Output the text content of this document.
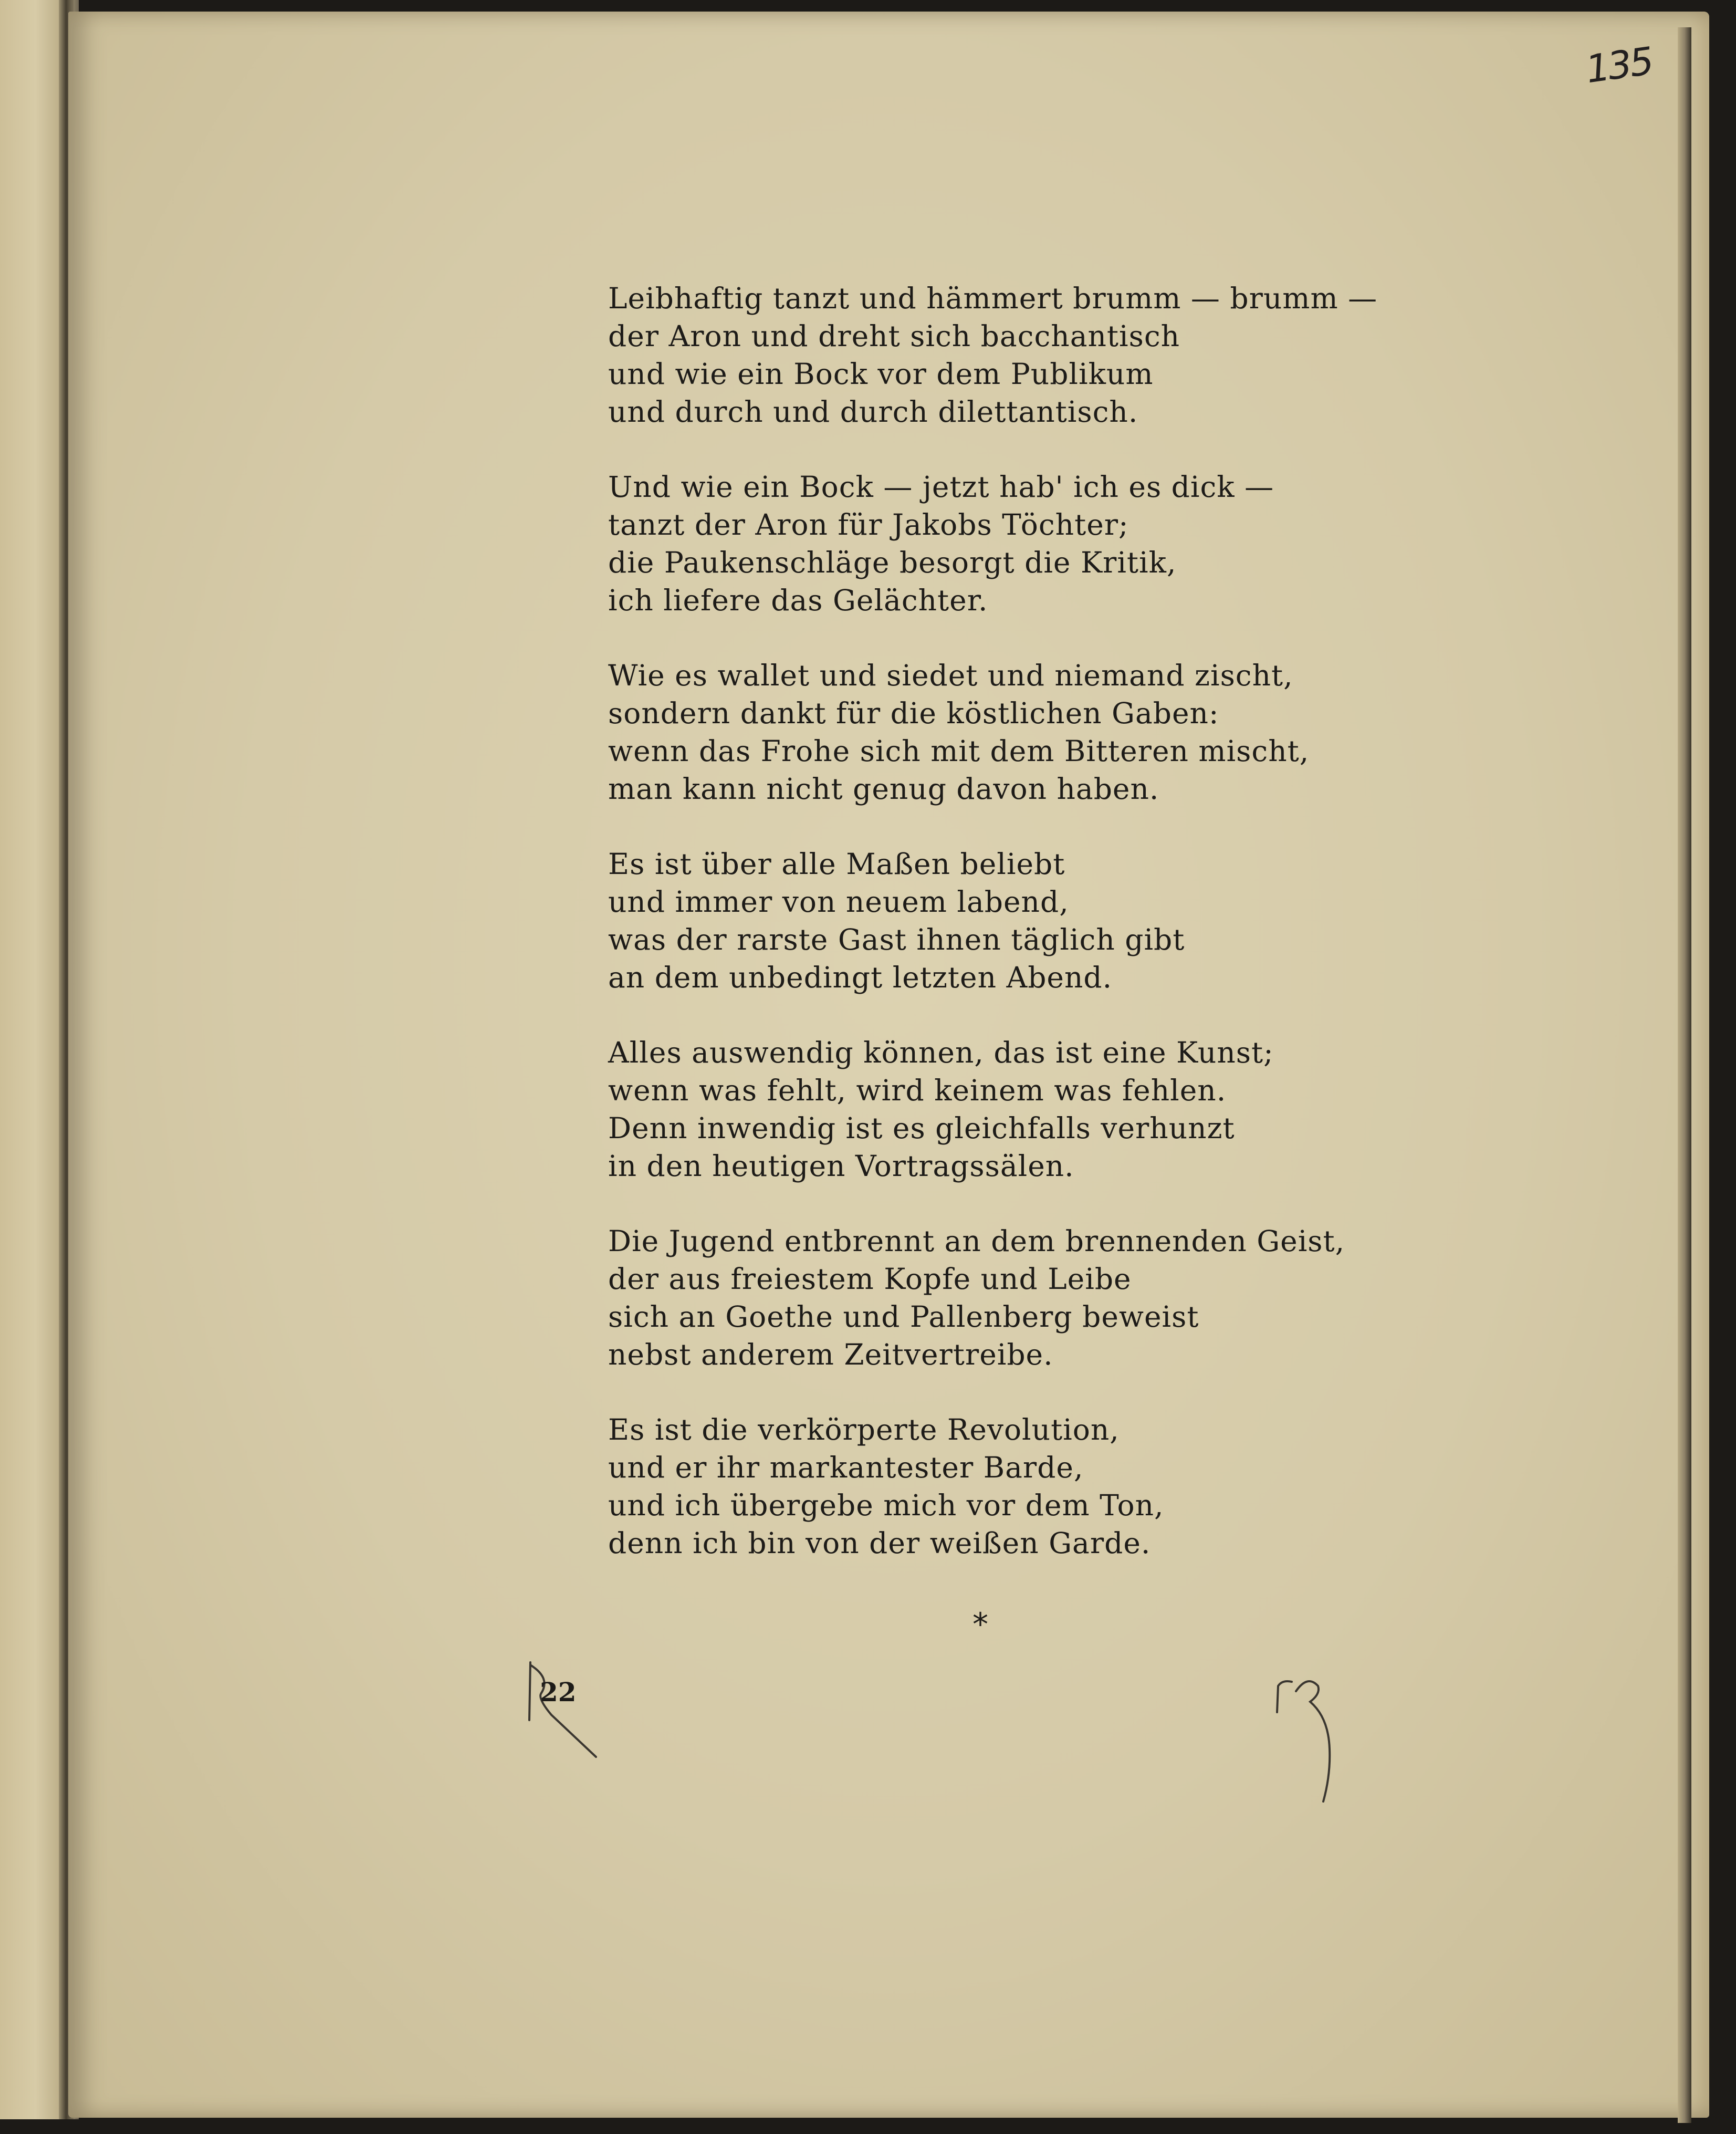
135
Leibhaftig tanzt und hämmert brumm — brumm —
der Aron und dreht sich bacchantisch
und wie ein Bock vor dem Publikum
und durch und durch dilettantisch.
Und wie ein Bock — jetzt hab' ich es dick —
tanzt der Aron für Jakobs Töchter;
die Paukenschläge besorgt die Kritik,
ich liefere das Gelächter.
Wie es wallet und siedet und niemand zischt,
sondern dankt für die köstlichen Gaben:
wenn das Frohe sich mit dem Bitteren mischt,
man kann nicht genug davon haben.
Es ist über alle Maßen beliebt
und immer von neuem labend,
was der rarste Gast ihnen täglich gibt
an dem unbedingt letzten Abend.
Alles auswendig können, das ist eine Kunst;
wenn was fehlt, wird keinem was fehlen.
Denn inwendig ist es gleichfalls verhunzt
in den heutigen Vortragssälen.
Die Jugend entbrennt an dem brennenden Geist,
der aus freiestem Kopfe und Leibe
sich an Goethe und Pallenberg beweist
nebst anderem Zeitvertreibe.
Es ist die verkörperte Revolution,
und er ihr markantester Barde,
und ich übergebe mich vor dem Ton,
denn ich bin von der weißen Garde.
*
22
